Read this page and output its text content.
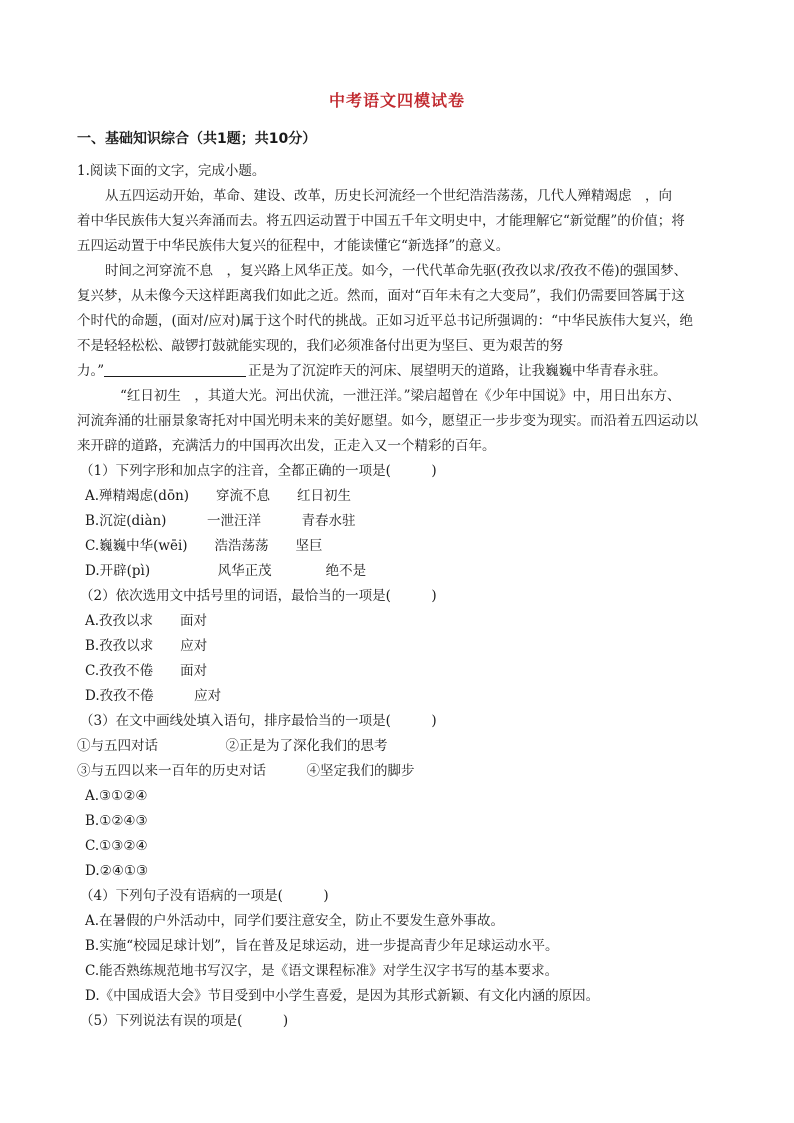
中考语文四模试卷
一、基础知识综合（共1题；共10分）
1.阅读下面的文字，完成小题。
从五四运动开始，革命、建设、改革，历史长河流经一个世纪浩浩荡荡，几代人殚精竭虑　，向
着中华民族伟大复兴奔涌而去。将五四运动置于中国五千年文明史中，才能理解它“新觉醒”的价值；将
五四运动置于中华民族伟大复兴的征程中，才能读懂它“新选择”的意义。
时间之河穿流不息　，复兴路上风华正茂。如今，一代代革命先驱(孜孜以求/孜孜不倦)的强国梦、
复兴梦，从未像今天这样距离我们如此之近。然而，面对“百年未有之大变局”，我们仍需要回答属于这
个时代的命题，(面对/应对)属于这个时代的挑战。正如习近平总书记所强调的：“中华民族伟大复兴，绝
不是轻轻松松、敲锣打鼓就能实现的，我们必须准备付出更为坚巨、更为艰苦的努
力。”	正是为了沉淀昨天的河床、展望明天的道路，让我巍巍中华青春永驻。
“红日初生　，其道大光。河出伏流，一泄汪洋。”梁启超曾在《少年中国说》中，用日出东方、
河流奔涌的壮丽景象寄托对中国光明未来的美好愿望。如今，愿望正一步步变为现实。而沿着五四运动以
来开辟的道路，充满活力的中国再次出发，正走入又一个精彩的百年。
（1）下列字形和加点字的注音，全都正确的一项是(　　　)
A.殚精竭虑(dōn)　　穿流不息　　红日初生
B.沉淀(diàn)　　　一泄汪洋　　　青春水驻
C.巍巍中华(wēi)　　浩浩荡荡　　坚巨
D.开辟(pì)　　　　　风华正茂　　　　绝不是
（2）依次选用文中括号里的词语，最恰当的一项是(　　　)
A.孜孜以求　　面对
B.孜孜以求　　应对
C.孜孜不倦　　面对
D.孜孜不倦　　　应对
（3）在文中画线处填入语句，排序最恰当的一项是(　　　)
①与五四对话　　　　　②正是为了深化我们的思考
③与五四以来一百年的历史对话　　　④坚定我们的脚步
A.③①②④
B.①②④③
C.①③②④
D.②④①③
（4）下列句子没有语病的一项是(　　　)
A.在暑假的户外活动中，同学们要注意安全，防止不要发生意外事故。
B.实施“校园足球计划”，旨在普及足球运动，进一步提高青少年足球运动水平。
C.能否熟练规范地书写汉字，是《语文课程标准》对学生汉字书写的基本要求。
D.《中国成语大会》节目受到中小学生喜爱，是因为其形式新颖、有文化内涵的原因。
（5）下列说法有误的项是(　　　)
